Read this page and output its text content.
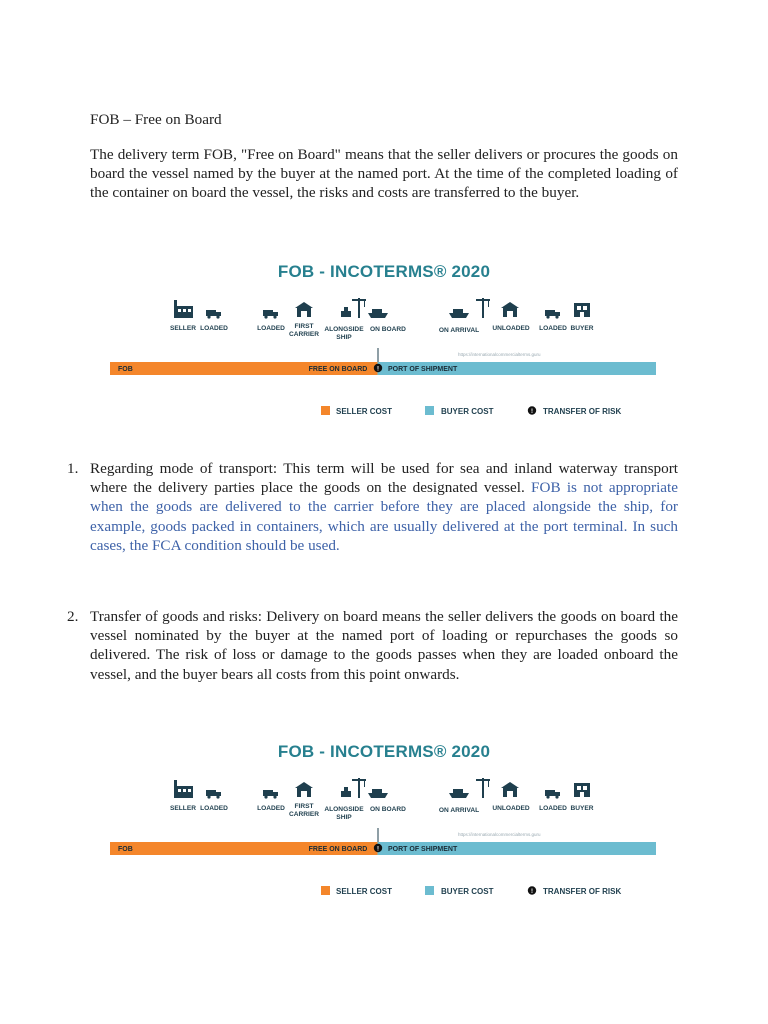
FOB – Free on Board
The delivery term FOB, "Free on Board" means that the seller delivers or procures the goods on board the vessel named by the buyer at the named port. At the time of the completed loading of the container on board the vessel, the risks and costs are transferred to the buyer.
FOB - INCOTERMS® 2020
SELLER LOADED	LOADED FIRST
CARRIER
ALONGSIDE
SHIP
ON BOARD	ON ARRIVAL UNLOADED LOADED BUYER
https://internationalcommercialterms.guru
FOB	FREE ON BOARD ! PORT OF SHIPMENT
SELLER COST	BUYER COST	! TRANSFER OF RISK
1. Regarding mode of transport: This term will be used for sea and inland waterway transport where the delivery parties place the goods on the designated vessel. FOB is not appropriate when the goods are delivered to the carrier before they are placed alongside the ship, for example, goods packed in containers, which are usually delivered at the port terminal. In such cases, the FCA condition should be used.
2. Transfer of goods and risks: Delivery on board means the seller delivers the goods on board the vessel nominated by the buyer at the named port of loading or repurchases the goods so delivered. The risk of loss or damage to the goods passes when they are loaded onboard the vessel, and the buyer bears all costs from this point onwards.
FOB - INCOTERMS® 2020
SELLER LOADED	LOADED FIRST
CARRIER
ALONGSIDE
SHIP
ON BOARD	ON ARRIVAL UNLOADED LOADED BUYER
https://internationalcommercialterms.guru
FOB	FREE ON BOARD ! PORT OF SHIPMENT
SELLER COST	BUYER COST	! TRANSFER OF RISK
